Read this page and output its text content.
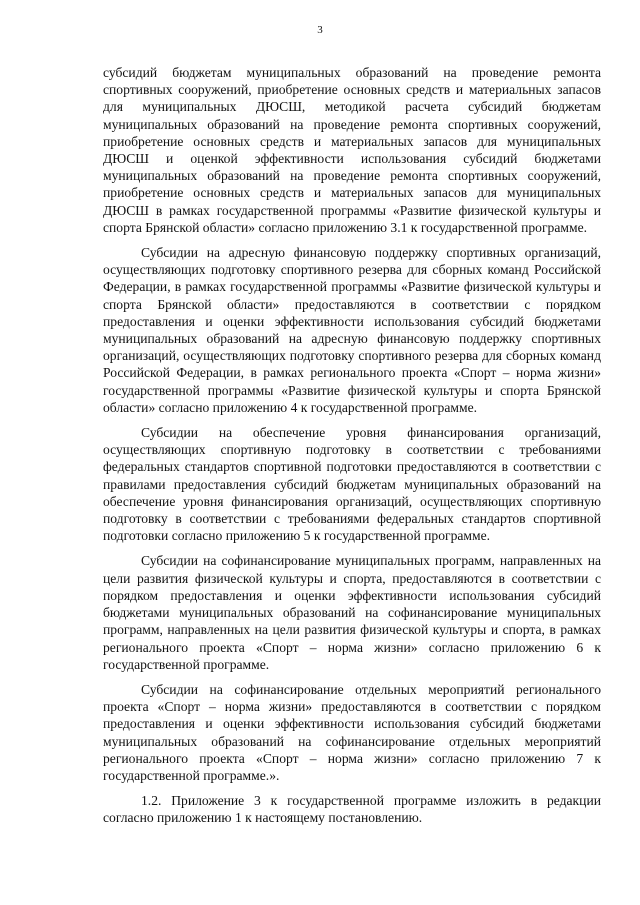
3

субсидий бюджетам муниципальных образований на проведение ремонта спортивных сооружений, приобретение основных средств и материальных запасов для муниципальных ДЮСШ, методикой расчета субсидий бюджетам муниципальных образований на проведение ремонта спортивных сооружений, приобретение основных средств и материальных запасов для муниципальных ДЮСШ и оценкой эффективности использования субсидий бюджетами муниципальных образований на проведение ремонта спортивных сооружений, приобретение основных средств и материальных запасов для муниципальных ДЮСШ в рамках государственной программы «Развитие физической культуры и спорта Брянской области» согласно приложению 3.1 к государственной программе.

Субсидии на адресную финансовую поддержку спортивных организаций, осуществляющих подготовку спортивного резерва для сборных команд Российской Федерации, в рамках государственной программы «Развитие физической культуры и спорта Брянской области» предоставляются в соответствии с порядком предоставления и оценки эффективности использования субсидий бюджетами муниципальных образований на адресную финансовую поддержку спортивных организаций, осуществляющих подготовку спортивного резерва для сборных команд Российской Федерации, в рамках регионального проекта «Спорт – норма жизни» государственной программы «Развитие физической культуры и спорта Брянской области» согласно приложению 4 к государственной программе.

Субсидии на обеспечение уровня финансирования организаций, осуществляющих спортивную подготовку в соответствии с требованиями федеральных стандартов спортивной подготовки предоставляются в соответствии с правилами предоставления субсидий бюджетам муниципальных образований на обеспечение уровня финансирования организаций, осуществляющих спортивную подготовку в соответствии с требованиями федеральных стандартов спортивной подготовки согласно приложению 5 к государственной программе.

Субсидии на софинансирование муниципальных программ, направленных на цели развития физической культуры и спорта, предоставляются в соответствии с порядком предоставления и оценки эффективности использования субсидий бюджетами муниципальных образований на софинансирование муниципальных программ, направленных на цели развития физической культуры и спорта, в рамках регионального проекта «Спорт – норма жизни» согласно приложению 6 к государственной программе.

Субсидии на софинансирование отдельных мероприятий регионального проекта «Спорт – норма жизни» предоставляются в соответствии с порядком предоставления и оценки эффективности использования субсидий бюджетами муниципальных образований на софинансирование отдельных мероприятий регионального проекта «Спорт – норма жизни» согласно приложению 7 к государственной программе.».

1.2. Приложение 3 к государственной программе изложить в редакции согласно приложению 1 к настоящему постановлению.
